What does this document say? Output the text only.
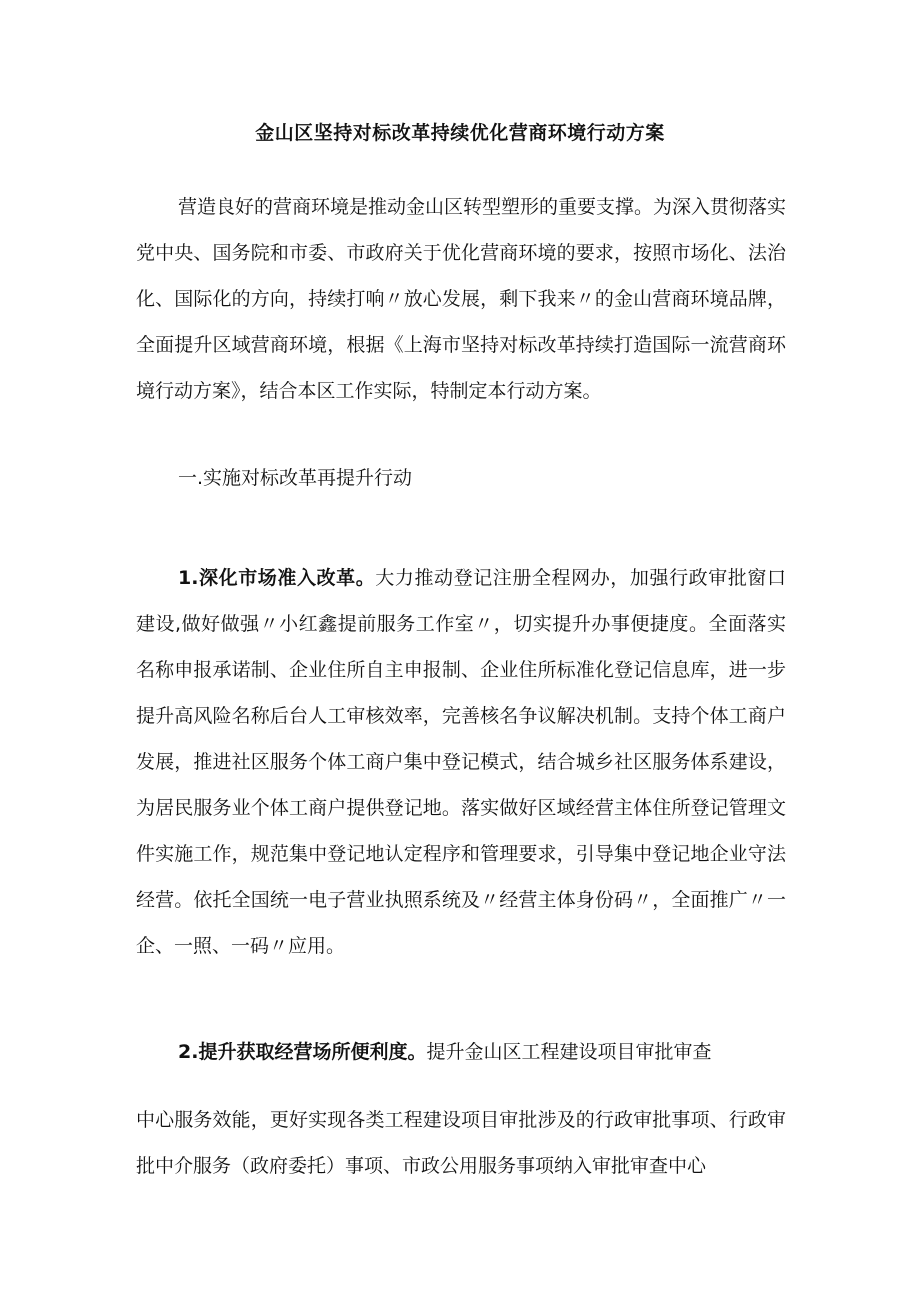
金山区坚持对标改革持续优化营商环境行动方案

营造良好的营商环境是推动金山区转型塑形的重要支撑。为深入贯彻落实党中央、国务院和市委、市政府关于优化营商环境的要求，按照市场化、法治化、国际化的方向，持续打响〃放心发展，剩下我来〃的金山营商环境品牌，全面提升区域营商环境，根据《上海市坚持对标改革持续打造国际一流营商环境行动方案》，结合本区工作实际，特制定本行动方案。

一.实施对标改革再提升行动

1.深化市场准入改革。大力推动登记注册全程网办，加强行政审批窗口建设,做好做强〃小红鑫提前服务工作室〃，切实提升办事便捷度。全面落实名称申报承诺制、企业住所自主申报制、企业住所标准化登记信息库，进一步提升高风险名称后台人工审核效率，完善核名争议解决机制。支持个体工商户发展，推进社区服务个体工商户集中登记模式，结合城乡社区服务体系建设，为居民服务业个体工商户提供登记地。落实做好区域经营主体住所登记管理文件实施工作，规范集中登记地认定程序和管理要求，引导集中登记地企业守法经营。依托全国统一电子营业执照系统及〃经营主体身份码〃，全面推广〃一企、一照、一码〃应用。

2.提升获取经营场所便利度。提升金山区工程建设项目审批审查

中心服务效能，更好实现各类工程建设项目审批涉及的行政审批事项、行政审批中介服务（政府委托）事项、市政公用服务事项纳入审批审查中心
